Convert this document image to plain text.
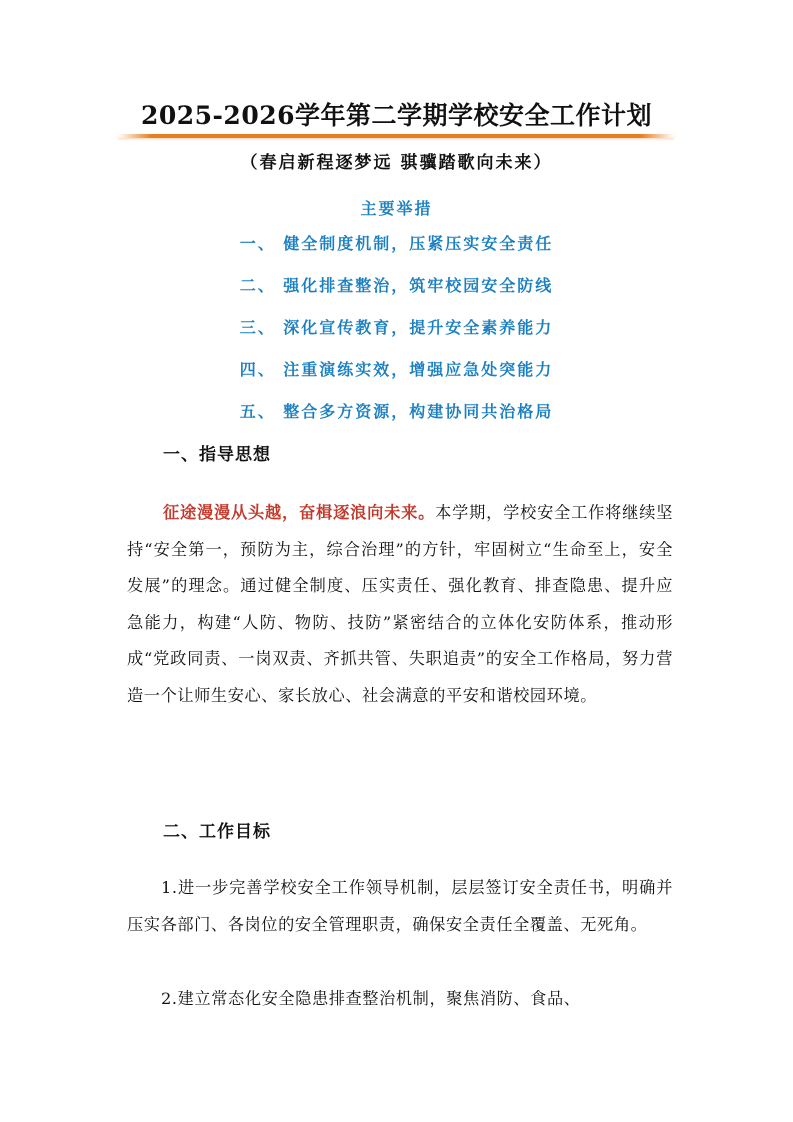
2025-2026学年第二学期学校安全工作计划
（春启新程逐梦远 骐骥踏歌向未来）
主要举措
一、 健全制度机制，压紧压实安全责任
二、 强化排查整治，筑牢校园安全防线
三、 深化宣传教育，提升安全素养能力
四、 注重演练实效，增强应急处突能力
五、 整合多方资源，构建协同共治格局
一、指导思想

征途漫漫从头越，奋楫逐浪向未来。本学期，学校安全工作将继续坚持“安全第一，预防为主，综合治理”的方针，牢固树立“生命至上，安全发展”的理念。通过健全制度、压实责任、强化教育、排查隐患、提升应急能力，构建“人防、物防、技防”紧密结合的立体化安防体系，推动形成“党政同责、一岗双责、齐抓共管、失职追责”的安全工作格局，努力营造一个让师生安心、家长放心、社会满意的平安和谐校园环境。

二、工作目标

1.进一步完善学校安全工作领导机制，层层签订安全责任书，明确并压实各部门、各岗位的安全管理职责，确保安全责任全覆盖、无死角。

2.建立常态化安全隐患排查整治机制，聚焦消防、食品、
